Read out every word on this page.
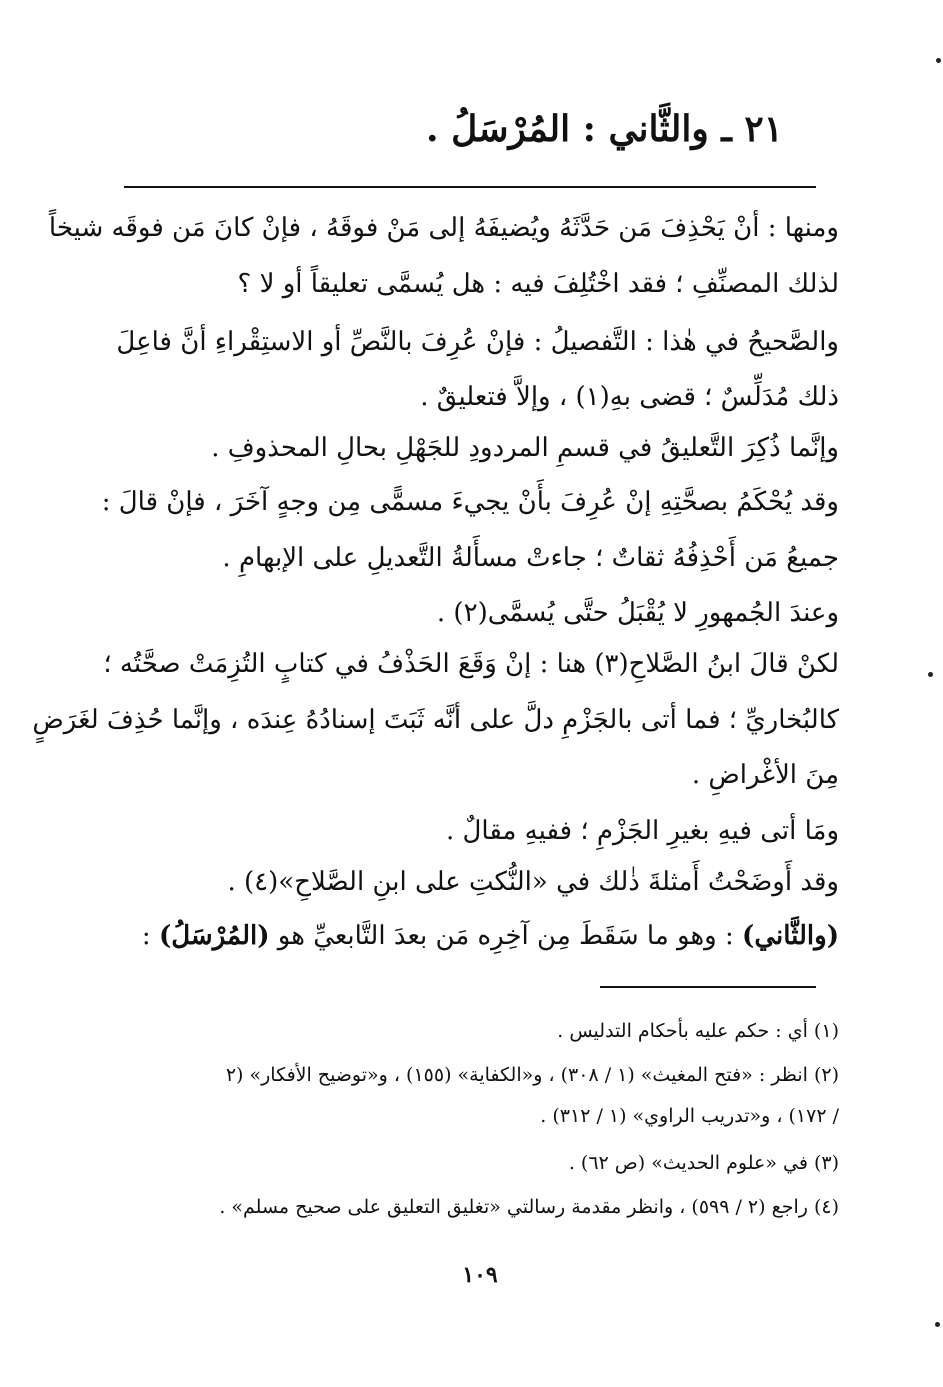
٢١ ـ والثَّاني : المُرْسَلُ .
ومنها : أنْ يَحْذِفَ مَن حَدَّثَهُ ويُضيفَهُ إلى مَنْ فوقَهُ ، فإنْ كانَ مَن فوقَه شيخاً
لذلك المصنِّفِ ؛ فقد اخْتُلِفَ فيه : هل يُسمَّى تعليقاً أو لا ؟
والصَّحيحُ في هٰذا : التَّفصيلُ : فإنْ عُرِفَ بالنَّصِّ أو الاستِقْراءِ أنَّ فاعِلَ
ذلك مُدَلِّسٌ ؛ قضى بهِ(١) ، وإلاَّ فتعليقٌ .
وإنَّما ذُكِرَ التَّعليقُ في قسمِ المردودِ للجَهْلِ بحالِ المحذوفِ .
وقد يُحْكَمُ بصحَّتِهِ إنْ عُرِفَ بأَنْ يجيءَ مسمًّى مِن وجهٍ آخَرَ ، فإنْ قالَ :
جميعُ مَن أَحْذِفُهُ ثقاتٌ ؛ جاءتْ مسأَلةُ التَّعديلِ على الإبهامِ .
وعندَ الجُمهورِ لا يُقْبَلُ حتَّى يُسمَّى(٢) .
لكنْ قالَ ابنُ الصَّلاحِ(٣) هنا : إنْ وَقَعَ الحَذْفُ في كتابٍ التُزِمَتْ صحَّتُه ؛
كالبُخاريِّ ؛ فما أتى بالجَزْمِ دلَّ على أنَّه ثَبَتَ إسنادُهُ عِندَه ، وإنَّما حُذِفَ لغَرَضٍ
مِنَ الأغْراضِ .
ومَا أتى فيهِ بغيرِ الجَزْمِ ؛ ففيهِ مقالٌ .
وقد أَوضَحْتُ أَمثلةَ ذٰلك في «النُّكتِ على ابنِ الصَّلاحِ»(٤) .
(والثَّاني) : وهو ما سَقَطَ مِن آخِرِه مَن بعدَ التَّابعيِّ هو (المُرْسَلُ) :
(١) أي : حكم عليه بأحكام التدليس .
(٢) انظر : «فتح المغيث» (١ / ٣٠٨) ، و«الكفاية» (١٥٥) ، و«توضيح الأفكار» (٢
/ ١٧٢) ، و«تدريب الراوي» (١ / ٣١٢) .
(٣) في «علوم الحديث» (ص ٦٢) .
(٤) راجع (٢ / ٥٩٩) ، وانظر مقدمة رسالتي «تغليق التعليق على صحيح مسلم» .
١٠٩
